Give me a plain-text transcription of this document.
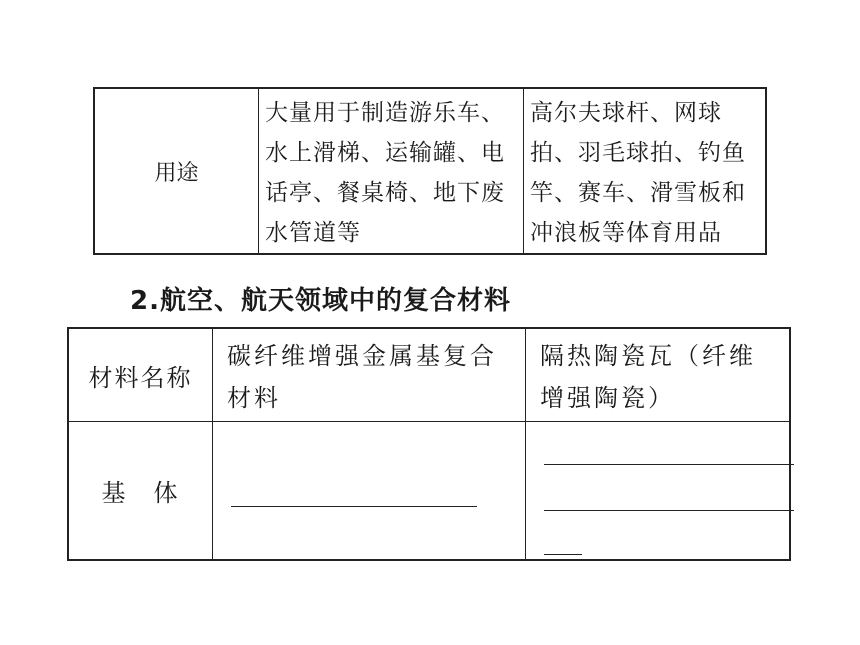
用途	大量用于制造游乐车、水上滑梯、运输罐、电话亭、餐桌椅、地下废水管道等	高尔夫球杆、网球拍、羽毛球拍、钓鱼竿、赛车、滑雪板和冲浪板等体育用品
2.航空、航天领域中的复合材料
材料名称	碳纤维增强金属基复合材料	隔热陶瓷瓦（纤维增强陶瓷）
基　体	
